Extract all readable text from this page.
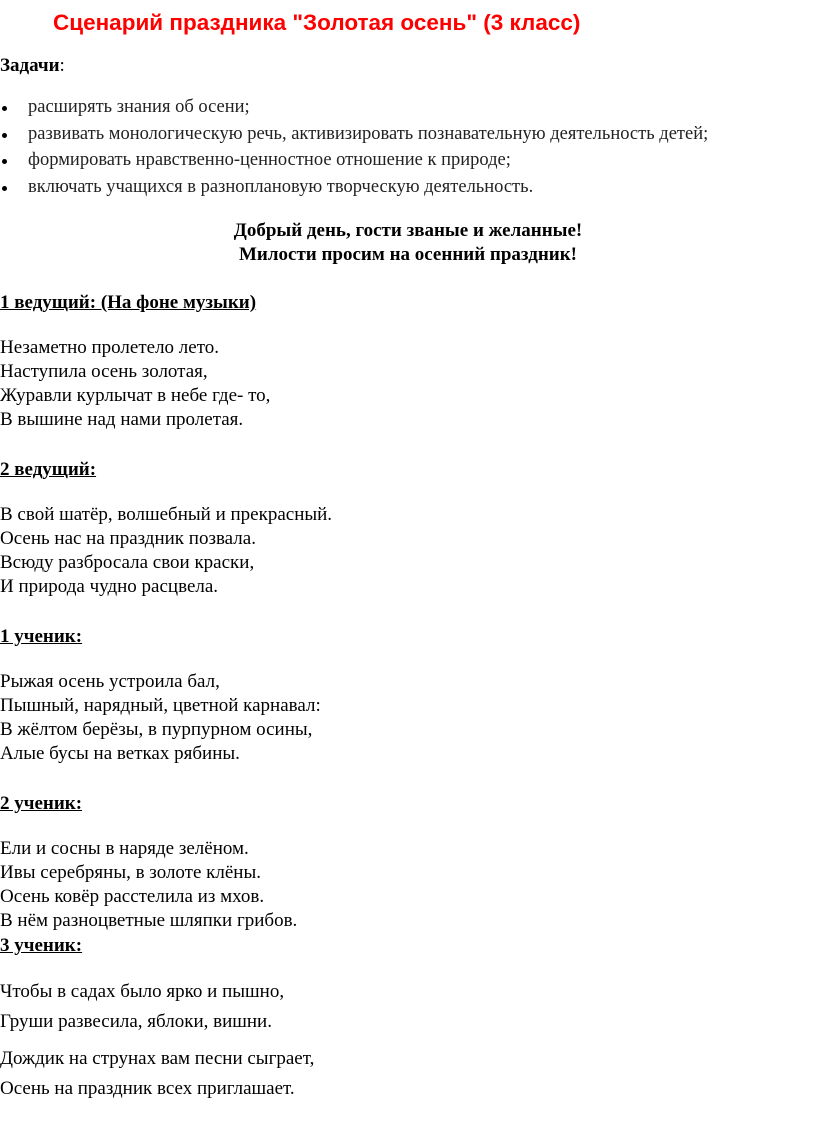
Сценарий праздника "Золотая осень" (3 класс)
Задачи:
расширять знания об осени;
развивать монологическую речь, активизировать познавательную деятельность детей;
формировать нравственно-ценностное отношение к природе;
включать учащихся в разноплановую творческую деятельность.
Добрый день, гости званые и желанные!
Милости просим на осенний праздник!
1 ведущий: (На фоне музыки)
Незаметно пролетело лето.
Наступила осень золотая,
Журавли курлычат в небе где- то,
В вышине над нами пролетая.
2 ведущий:
В свой шатёр, волшебный и прекрасный.
Осень нас на праздник позвала.
Всюду разбросала свои краски,
И природа чудно расцвела.
1 ученик:
Рыжая осень устроила бал,
Пышный, нарядный, цветной карнавал:
В жёлтом берёзы, в пурпурном осины,
Алые бусы на ветках рябины.
2 ученик:
Ели и сосны в наряде зелёном.
Ивы серебряны, в золоте клёны.
Осень ковёр расстелила из мхов.
В нём разноцветные шляпки грибов.
3 ученик:
Чтобы в садах было ярко и пышно,
Груши развесила, яблоки, вишни.
Дождик на струнах вам песни сыграет,
Осень на праздник всех приглашает.
